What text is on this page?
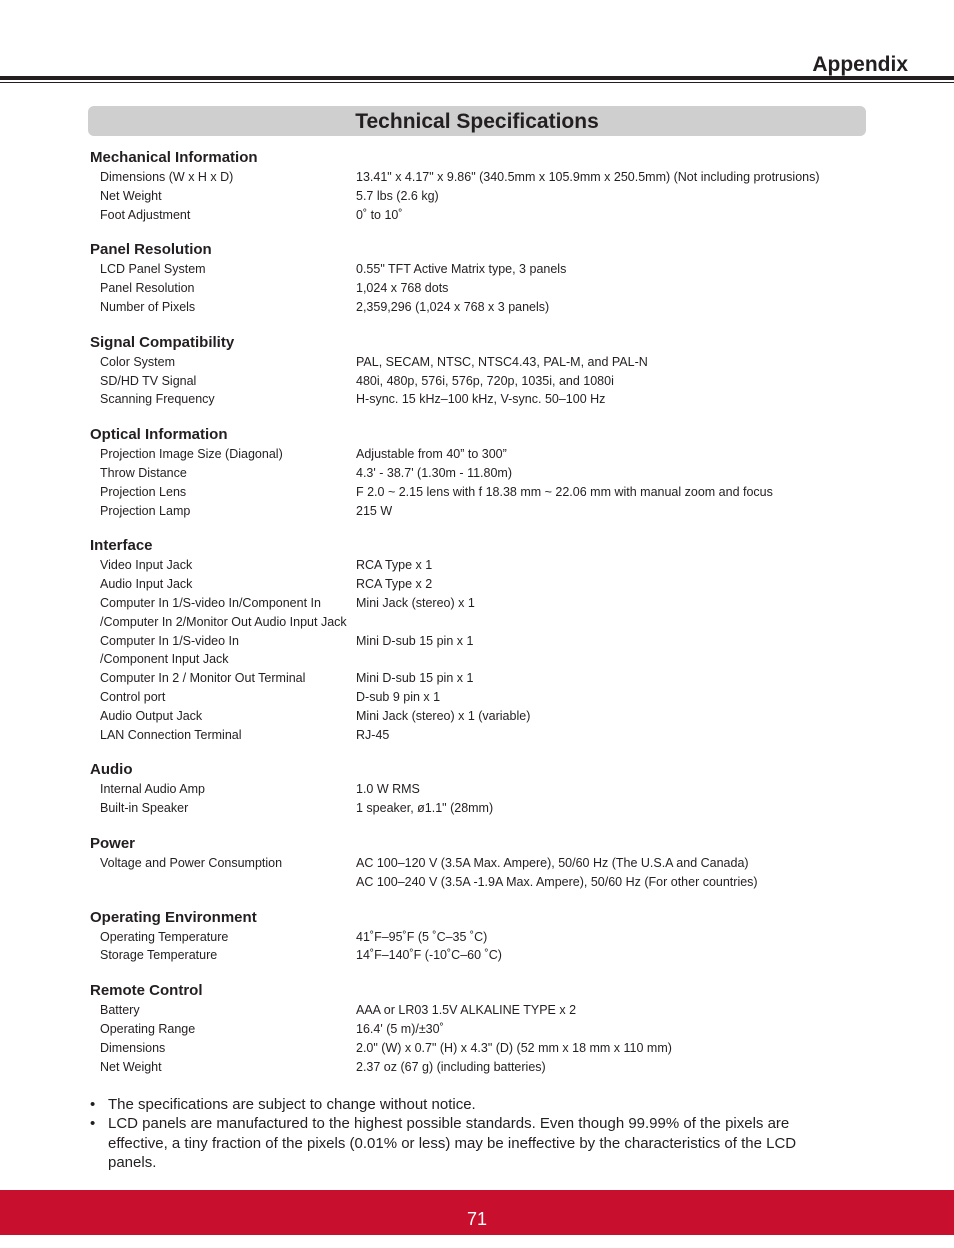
Appendix
Technical Specifications
Mechanical Information
Dimensions (W x H x D)	13.41" x 4.17" x 9.86" (340.5mm x 105.9mm x 250.5mm) (Not including protrusions)
Net Weight	5.7 lbs (2.6 kg)
Foot Adjustment	0˚ to 10˚
Panel Resolution
LCD Panel System	0.55" TFT Active Matrix type, 3 panels
Panel Resolution	1,024 x 768 dots
Number of Pixels	2,359,296 (1,024 x 768 x 3 panels)
Signal Compatibility
Color System	PAL, SECAM, NTSC, NTSC4.43, PAL-M, and PAL-N
SD/HD TV Signal	480i, 480p, 576i, 576p, 720p, 1035i, and 1080i
Scanning Frequency	H-sync. 15 kHz–100 kHz, V-sync. 50–100 Hz
Optical Information
Projection Image Size (Diagonal)	Adjustable from 40” to 300”
Throw Distance	4.3' - 38.7' (1.30m - 11.80m)
Projection Lens	F 2.0 ~ 2.15 lens with f 18.38 mm ~ 22.06 mm with manual zoom and focus
Projection Lamp	215 W
Interface
Video Input Jack	RCA Type x 1
Audio Input Jack	RCA Type x 2
Computer In 1/S-video In/Component In	Mini Jack (stereo) x 1
/Computer In 2/Monitor Out Audio Input Jack
Computer In 1/S-video In	Mini D-sub 15 pin x 1
/Component Input Jack
Computer In 2 / Monitor Out Terminal	Mini D-sub 15 pin x 1
Control port	D-sub 9 pin x 1
Audio Output Jack	Mini Jack (stereo) x 1 (variable)
LAN Connection Terminal	RJ-45
Audio
Internal Audio Amp	1.0 W RMS
Built-in Speaker	1 speaker, ø1.1" (28mm)
Power
Voltage and Power Consumption	AC 100–120 V (3.5A Max. Ampere), 50/60 Hz (The U.S.A and Canada)
AC 100–240 V (3.5A -1.9A Max. Ampere), 50/60 Hz (For other countries)
Operating Environment
Operating Temperature	41˚F–95˚F (5 ˚C–35 ˚C)
Storage Temperature	14˚F–140˚F (-10˚C–60 ˚C)
Remote Control
Battery	AAA or LR03 1.5V ALKALINE TYPE x 2
Operating Range	16.4' (5 m)/±30˚
Dimensions	2.0" (W) x 0.7" (H) x 4.3" (D) (52 mm x 18 mm x 110 mm)
Net Weight	2.37 oz (67 g) (including batteries)
• The specifications are subject to change without notice.
• LCD panels are manufactured to the highest possible standards. Even though 99.99% of the pixels are effective, a tiny fraction of the pixels (0.01% or less) may be ineffective by the characteristics of the LCD panels.
71
